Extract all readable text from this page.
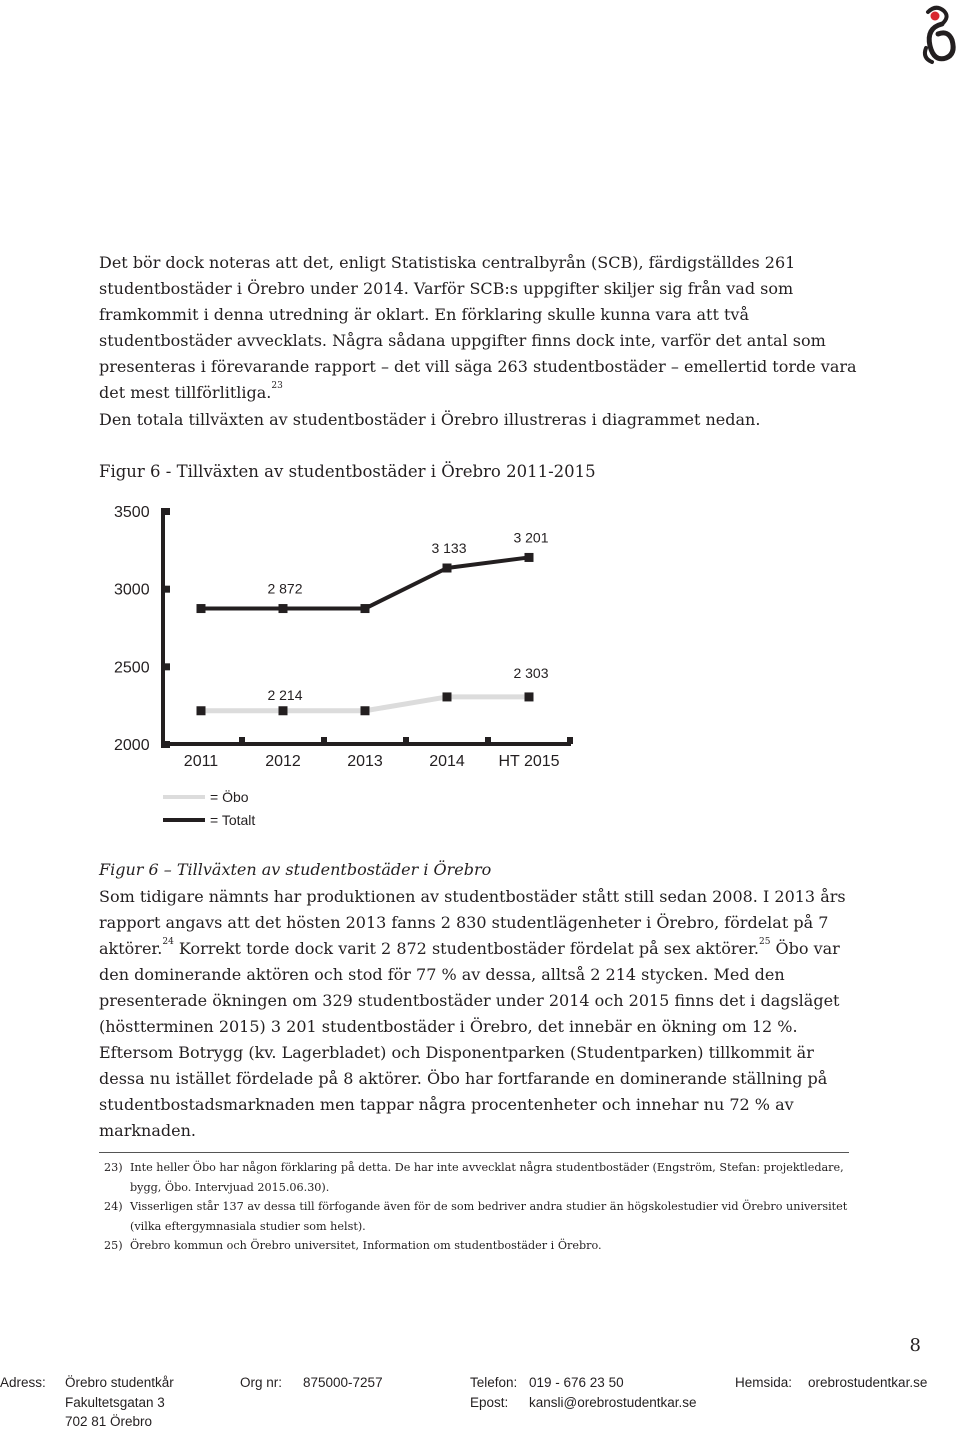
Det bör dock noteras att det, enligt Statistiska centralbyrån (SCB), färdigställdes 261 studentbostäder i Örebro under 2014. Varför SCB:s uppgifter skiljer sig från vad som framkommit i denna utredning är oklart. En förklaring skulle kunna vara att två studentbostäder avvecklats. Några sådana uppgifter finns dock inte, varför det antal som presenteras i förevarande rapport – det vill säga 263 studentbostäder – emellertid torde vara det mest tillförlitliga.$^{23}$

Den totala tillväxten av studentbostäder i Örebro illustreras i diagrammet nedan.

Figur 6 - Tillväxten av studentbostäder i Örebro 2011-2015

3500
3000
2500
2000
2011	2012	2013	2014 HT 2015
2 214
2 303
2 872
3 133
3 201
= Öbo
= Totalt

Figur 6 – Tillväxten av studentbostäder i Örebro

Som tidigare nämnts har produktionen av studentbostäder stått still sedan 2008. I 2013 års rapport angavs att det hösten 2013 fanns 2 830 studentlägenheter i Örebro, fördelat på 7 aktörer.$^{24}$ Korrekt torde dock varit 2 872 studentbostäder fördelat på sex aktörer.$^{25}$ Öbo var den dominerande aktören och stod för 77 % av dessa, alltså 2 214 stycken. Med den presenterade ökningen om 329 studentbostäder under 2014 och 2015 finns det i dagsläget (höstterminen 2015) 3 201 studentbostäder i Örebro, det innebär en ökning om 12 %. Eftersom Botrygg (kv. Lagerbladet) och Disponentparken (Studentparken) tillkommit är dessa nu istället fördelade på 8 aktörer. Öbo har fortfarande en dominerande ställning på studentbostadsmarknaden men tappar några procentenheter och innehar nu 72 % av marknaden.

23) Inte heller Öbo har någon förklaring på detta. De har inte avvecklat några studentbostäder (Engström, Stefan: projektledare, bygg, Öbo. Intervjuad 2015.06.30).
24) Visserligen står 137 av dessa till förfogande även för de som bedriver andra studier än högskolestudier vid Örebro universitet (vilka eftergymnasiala studier som helst).
25) Örebro kommun och Örebro universitet, Information om studentbostäder i Örebro.
8
Adress: Örebro studentkår
Fakultetsgatan 3
702 81 Örebro
Org nr: 875000-7257	Telefon: 019 - 676 23 50
Epost: kansli@orebrostudentkar.se
Hemsida: orebrostudentkar.se
